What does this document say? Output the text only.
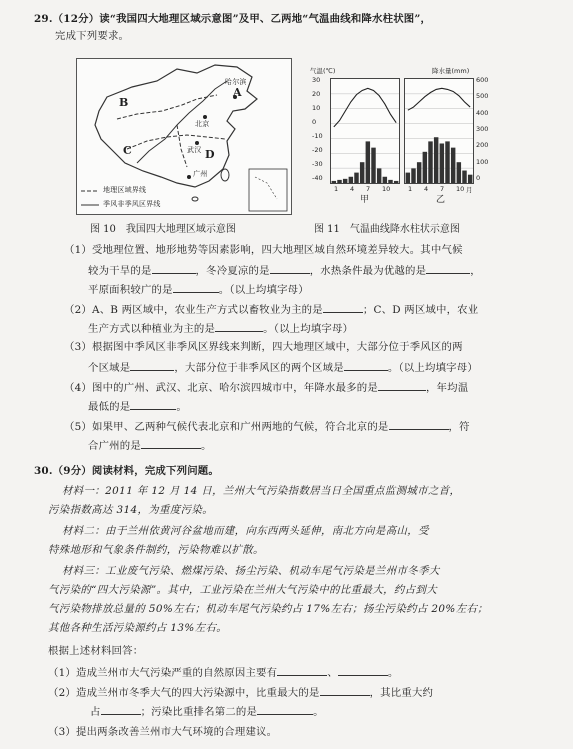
29.（12分）读“我国四大地理区域示意图”及甲、乙两地“气温曲线和降水柱状图”，
完成下列要求。
B
A
C	D
哈尔滨
北京
武汉
广州
地理区域界线
季风非季风区界线
图 10　我国四大地理区域示意图
气温(℃)	降水量(mm)
甲	乙
图 11　气温曲线降水柱状示意图
（1）受地理位置、地形地势等因素影响，四大地理区域自然环境差异较大。其中气候
较为干旱的是	，冬冷夏凉的是	，水热条件最为优越的是	，
平原面积较广的是	。（以上均填字母）
（2）A、B 两区域中，农业生产方式以畜牧业为主的是	；C、D 两区域中，农业
生产方式以种植业为主的是	。（以上均填字母）
（3）根据图中季风区非季风区界线来判断，四大地理区域中，大部分位于季风区的两
个区域是	，大部分位于非季风区的两个区域是	。（以上均填字母）
（4）图中的广州、武汉、北京、哈尔滨四城市中，年降水最多的是	，年均温
最低的是	。
（5）如果甲、乙两种气候代表北京和广州两地的气候，符合北京的是	，符
合广州的是	。
30.（9分）阅读材料，完成下列问题。
材料一：2011 年 12 月 14 日，兰州大气污染指数居当日全国重点监测城市之首，
污染指数高达 314，为重度污染。
材料二：由于兰州依黄河谷盆地而建，向东西两头延伸，南北方向是高山，受
特殊地形和气象条件制约，污染物难以扩散。
材料三：工业废气污染、燃煤污染、扬尘污染、机动车尾气污染是兰州市冬季大
气污染的“四大污染源”。其中，工业污染在兰州大气污染中的比重最大，约占到大
气污染物排放总量的 50%左右；机动车尾气污染约占 17%左右；扬尘污染约占 20%左右；
其他各种生活污染源约占 13%左右。
根据上述材料回答：
（1）造成兰州市大气污染严重的自然原因主要有	、	。
（2）造成兰州市冬季大气的四大污染源中，比重最大的是	，其比重大约
占	；污染比重排名第二的是	。
（3）提出两条改善兰州市大气环境的合理建议。
30
20
10
0
-10
-20
-30
-40
600
500
400
300
200
100
0
1 4 7 10	1 4 7 10 月
